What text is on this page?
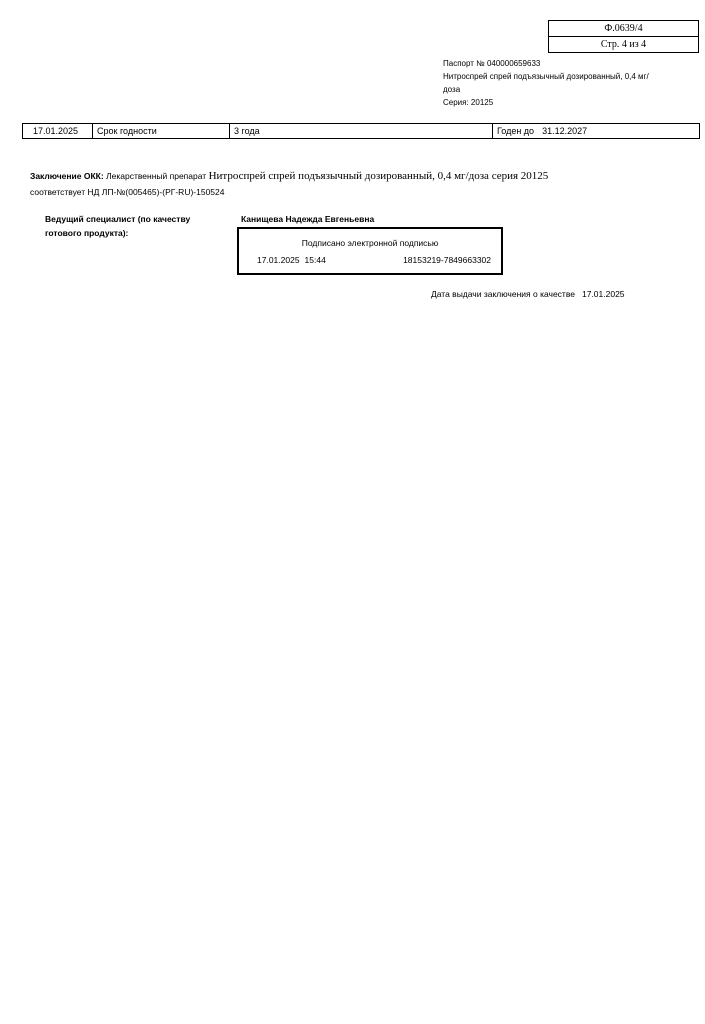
Ф.0639/4
Стр. 4 из 4
Паспорт № 040000659633
Нитроспрей спрей подъязычный дозированный, 0,4 мг/доза
Серия: 20125
17.01.2025	Срок годности	3 года	Годен до 31.12.2027
Заключение ОКК: Лекарственный препарат Нитроспрей спрей подъязычный дозированный, 0,4 мг/доза серия 20125
соответствует НД ЛП-№(005465)-(РГ-RU)-150524
Ведущий специалист (по качеству готового продукта):
Канищева Надежда Евгеньевна
Подписано электронной подписью
17.01.2025 15:44	18153219-7849663302
Дата выдачи заключения о качестве 17.01.2025
